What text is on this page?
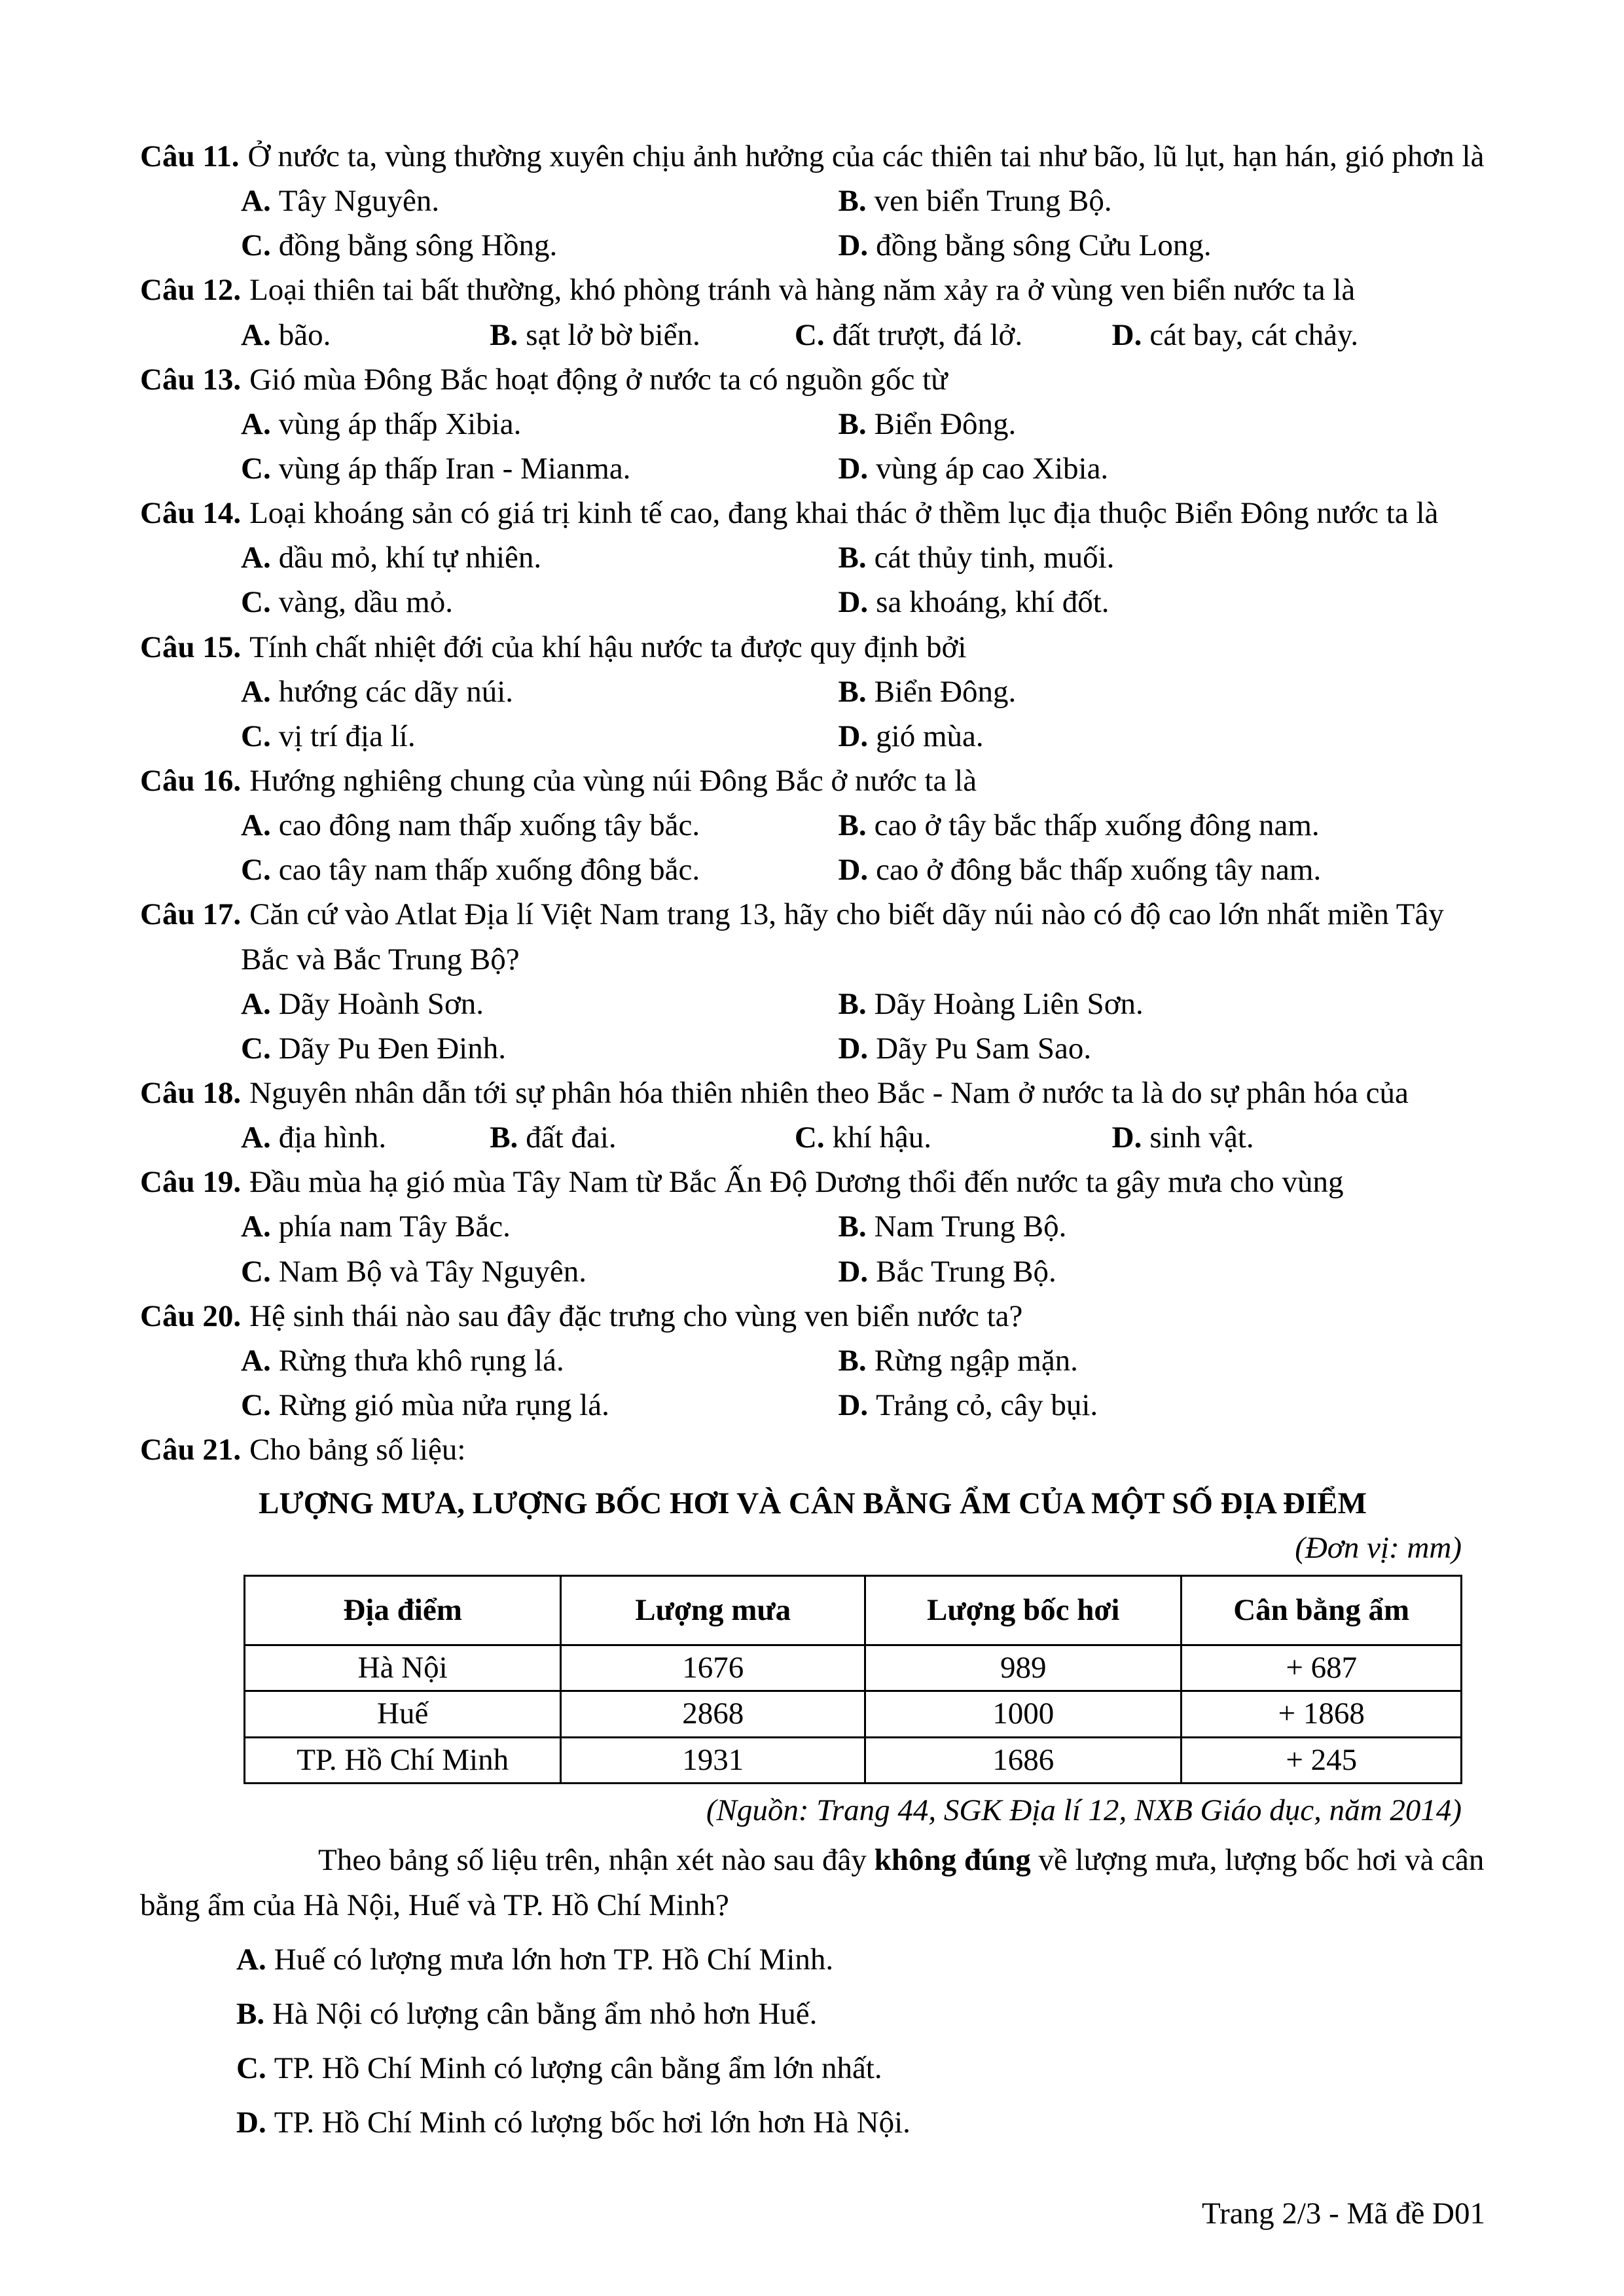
Câu 11. Ở nước ta, vùng thường xuyên chịu ảnh hưởng của các thiên tai như bão, lũ lụt, hạn hán, gió phơn là

A. Tây Nguyên.	B. ven biển Trung Bộ.
C. đồng bằng sông Hồng.	D. đồng bằng sông Cửu Long.

Câu 12. Loại thiên tai bất thường, khó phòng tránh và hàng năm xảy ra ở vùng ven biển nước ta là

A. bão.	B. sạt lở bờ biển.	C. đất trượt, đá lở.	D. cát bay, cát chảy.

Câu 13. Gió mùa Đông Bắc hoạt động ở nước ta có nguồn gốc từ

A. vùng áp thấp Xibia.	B. Biển Đông.
C. vùng áp thấp Iran - Mianma.	D. vùng áp cao Xibia.

Câu 14. Loại khoáng sản có giá trị kinh tế cao, đang khai thác ở thềm lục địa thuộc Biển Đông nước ta là

A. dầu mỏ, khí tự nhiên.	B. cát thủy tinh, muối.
C. vàng, dầu mỏ.	D. sa khoáng, khí đốt.

Câu 15. Tính chất nhiệt đới của khí hậu nước ta được quy định bởi

A. hướng các dãy núi.	B. Biển Đông.
C. vị trí địa lí.	D. gió mùa.

Câu 16. Hướng nghiêng chung của vùng núi Đông Bắc ở nước ta là

A. cao đông nam thấp xuống tây bắc.	B. cao ở tây bắc thấp xuống đông nam.
C. cao tây nam thấp xuống đông bắc.	D. cao ở đông bắc thấp xuống tây nam.

Câu 17. Căn cứ vào Atlat Địa lí Việt Nam trang 13, hãy cho biết dãy núi nào có độ cao lớn nhất miền Tây Bắc và Bắc Trung Bộ?

A. Dãy Hoành Sơn.	B. Dãy Hoàng Liên Sơn.
C. Dãy Pu Đen Đinh.	D. Dãy Pu Sam Sao.

Câu 18. Nguyên nhân dẫn tới sự phân hóa thiên nhiên theo Bắc - Nam ở nước ta là do sự phân hóa của

A. địa hình.	B. đất đai.	C. khí hậu.	D. sinh vật.

Câu 19. Đầu mùa hạ gió mùa Tây Nam từ Bắc Ấn Độ Dương thổi đến nước ta gây mưa cho vùng

A. phía nam Tây Bắc.	B. Nam Trung Bộ.
C. Nam Bộ và Tây Nguyên.	D. Bắc Trung Bộ.

Câu 20. Hệ sinh thái nào sau đây đặc trưng cho vùng ven biển nước ta?

A. Rừng thưa khô rụng lá.	B. Rừng ngập mặn.
C. Rừng gió mùa nửa rụng lá.	D. Trảng cỏ, cây bụi.

Câu 21. Cho bảng số liệu:

LƯỢNG MƯA, LƯỢNG BỐC HƠI VÀ CÂN BẰNG ẨM CỦA MỘT SỐ ĐỊA ĐIỂM

(Đơn vị: mm)

Địa điểm	Lượng mưa	Lượng bốc hơi	Cân bằng ẩm
Hà Nội	1676	989	+ 687
Huế	2868	1000	+ 1868
TP. Hồ Chí Minh	1931	1686	+ 245

(Nguồn: Trang 44, SGK Địa lí 12, NXB Giáo dục, năm 2014)

Theo bảng số liệu trên, nhận xét nào sau đây không đúng về lượng mưa, lượng bốc hơi và cân bằng ẩm của Hà Nội, Huế và TP. Hồ Chí Minh?

A. Huế có lượng mưa lớn hơn TP. Hồ Chí Minh.

B. Hà Nội có lượng cân bằng ẩm nhỏ hơn Huế.

C. TP. Hồ Chí Minh có lượng cân bằng ẩm lớn nhất.

D. TP. Hồ Chí Minh có lượng bốc hơi lớn hơn Hà Nội.

Trang 2/3 - Mã đề D01
